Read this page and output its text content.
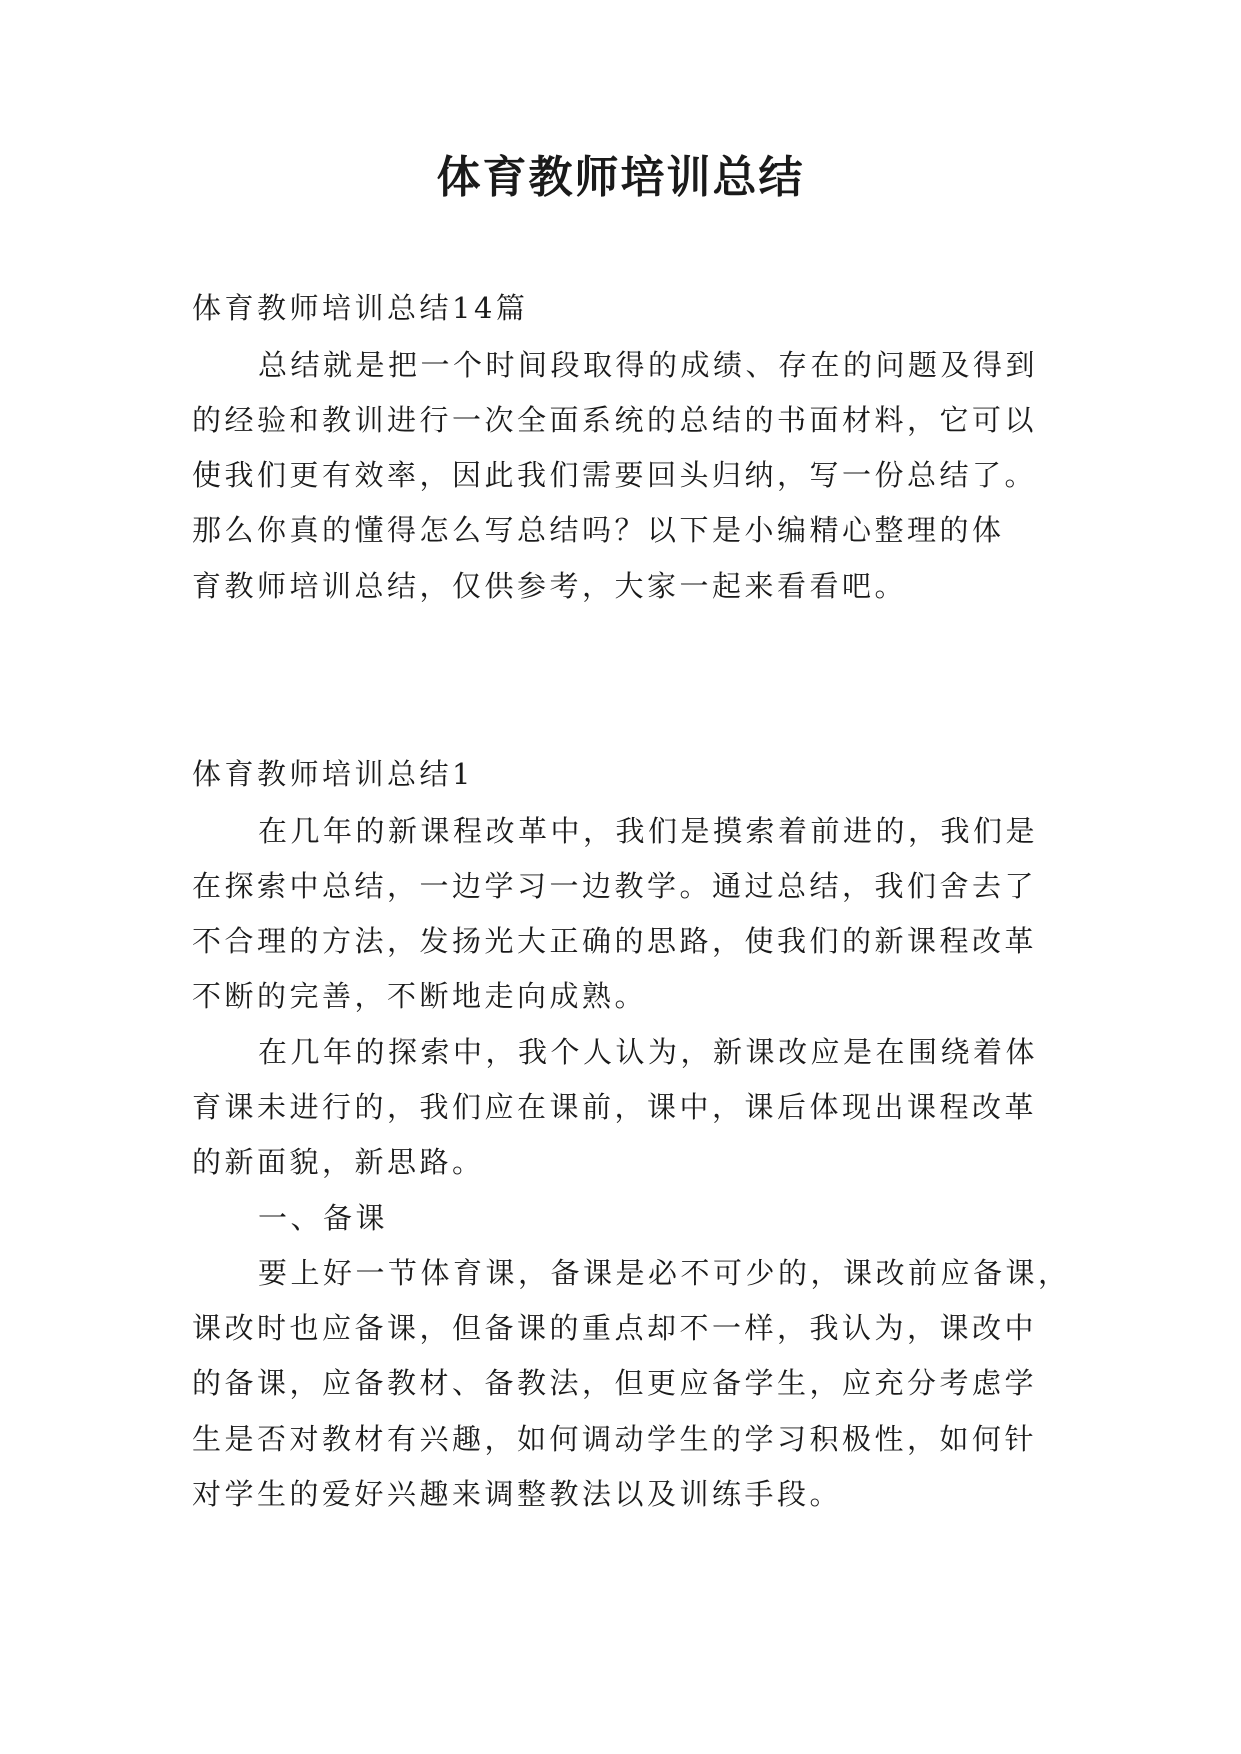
体育教师培训总结
体育教师培训总结14篇
总结就是把一个时间段取得的成绩、存在的问题及得到
的经验和教训进行一次全面系统的总结的书面材料，它可以
使我们更有效率，因此我们需要回头归纳，写一份总结了。
那么你真的懂得怎么写总结吗？以下是小编精心整理的体
育教师培训总结，仅供参考，大家一起来看看吧。
体育教师培训总结1
在几年的新课程改革中，我们是摸索着前进的，我们是
在探索中总结，一边学习一边教学。通过总结，我们舍去了
不合理的方法，发扬光大正确的思路，使我们的新课程改革
不断的完善，不断地走向成熟。
在几年的探索中，我个人认为，新课改应是在围绕着体
育课未进行的，我们应在课前，课中，课后体现出课程改革
的新面貌，新思路。
一、备课
要上好一节体育课，备课是必不可少的，课改前应备课，
课改时也应备课，但备课的重点却不一样，我认为，课改中
的备课，应备教材、备教法，但更应备学生，应充分考虑学
生是否对教材有兴趣，如何调动学生的学习积极性，如何针
对学生的爱好兴趣来调整教法以及训练手段。
